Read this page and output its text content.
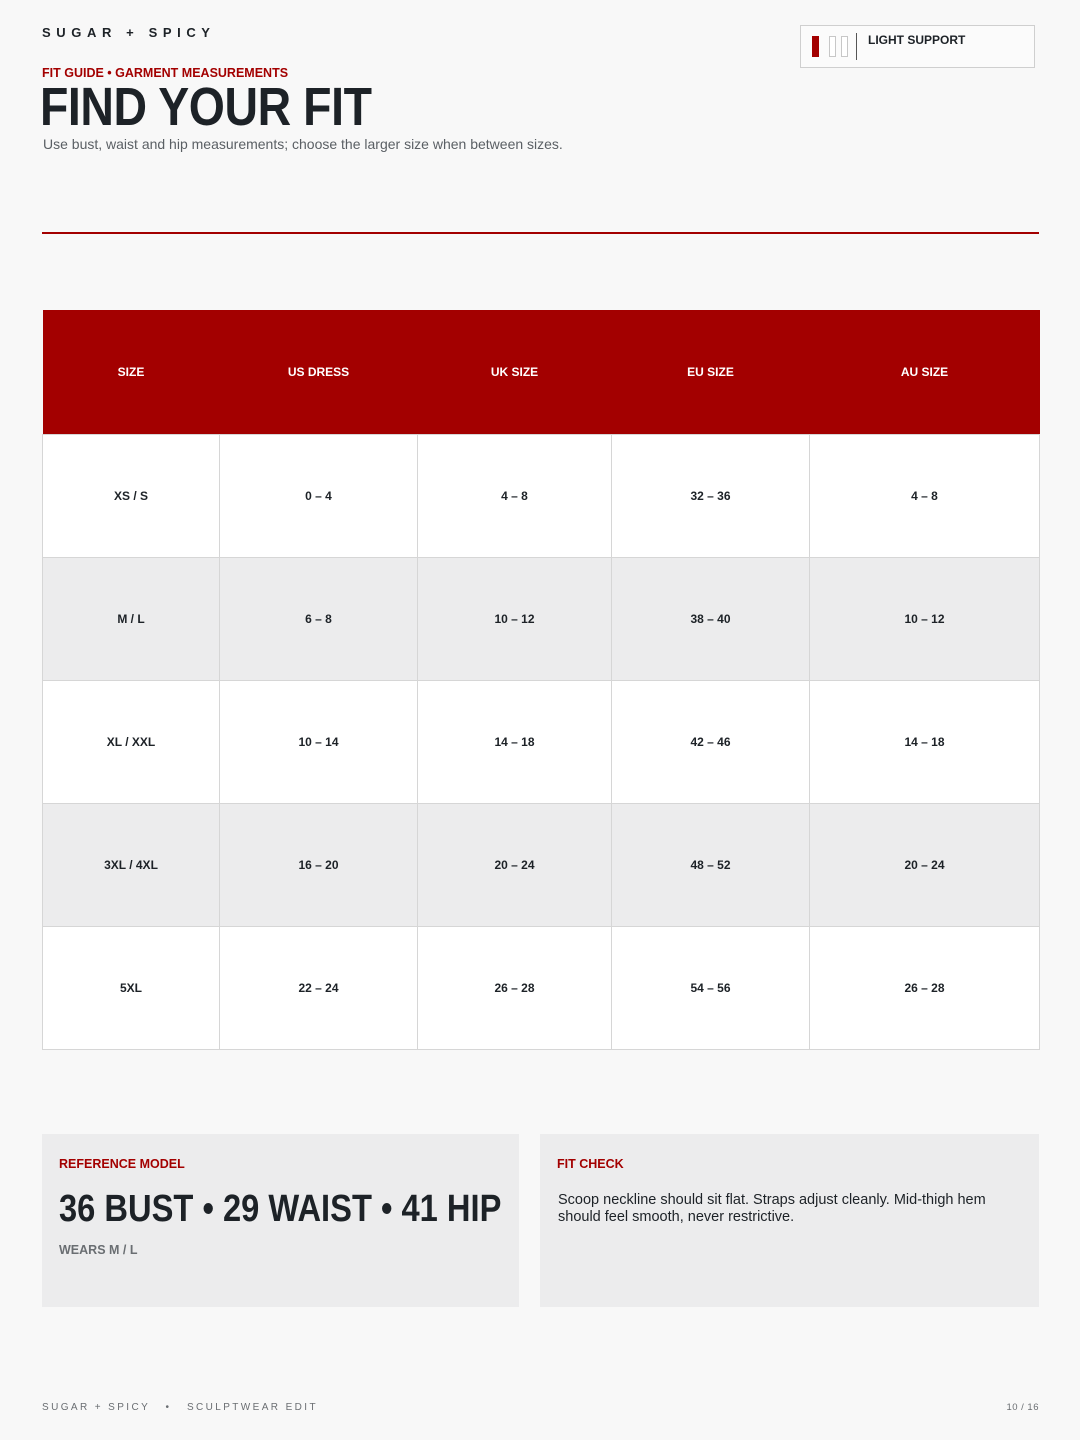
SUGAR + SPICY	LIGHT SUPPORT
FIT GUIDE • GARMENT MEASUREMENTS
FIND YOUR FIT
Use bust, waist and hip measurements; choose the larger size when between sizes.
SIZE	US DRESS	UK SIZE	EU SIZE	AU SIZE
XS / S	0 – 4	4 – 8	32 – 36	4 – 8
M / L	6 – 8	10 – 12	38 – 40	10 – 12
XL / XXL	10 – 14	14 – 18	42 – 46	14 – 18
3XL / 4XL	16 – 20	20 – 24	48 – 52	20 – 24
5XL	22 – 24	26 – 28	54 – 56	26 – 28
REFERENCE MODEL
36 BUST • 29 WAIST • 41 HIP
WEARS M / L
FIT CHECK
Scoop neckline should sit flat. Straps adjust cleanly. Mid-thigh hem should feel smooth, never restrictive.
SUGAR + SPICY   •   SCULPTWEAR EDIT	10 / 16
